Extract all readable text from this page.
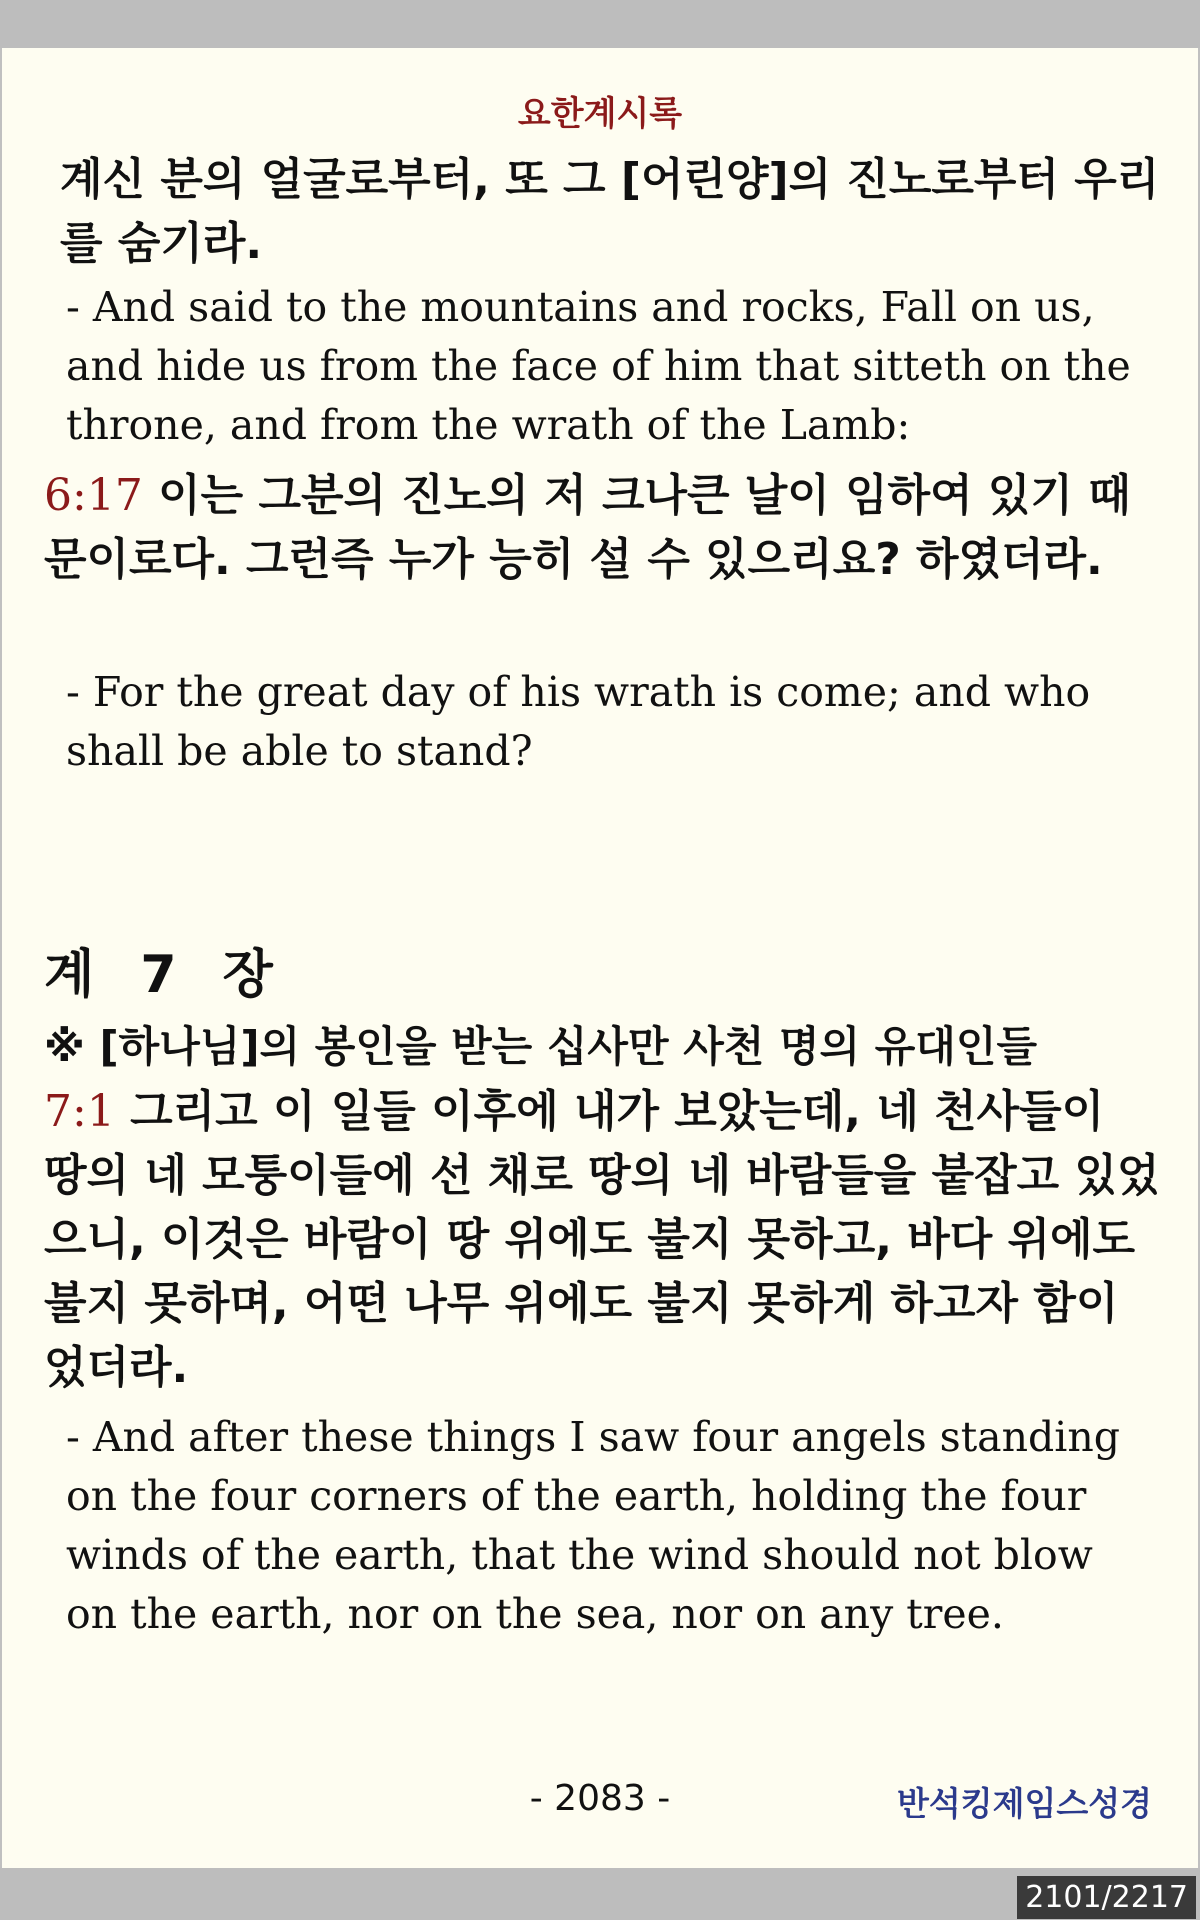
요한계시록

계신 분의 얼굴로부터, 또 그 [어린양]의 진노로부터 우리를 숨기라.

- And said to the mountains and rocks, Fall on us, and hide us from the face of him that sitteth on the throne, and from the wrath of the Lamb:

6:17 이는 그분의 진노의 저 크나큰 날이 임하여 있기 때문이로다. 그런즉 누가 능히 설 수 있으리요? 하였더라.

- For the great day of his wrath is come; and who shall be able to stand?

계 7 장
※ [하나님]의 봉인을 받는 십사만 사천 명의 유대인들

7:1 그리고 이 일들 이후에 내가 보았는데, 네 천사들이 땅의 네 모퉁이들에 선 채로 땅의 네 바람들을 붙잡고 있었으니, 이것은 바람이 땅 위에도 불지 못하고, 바다 위에도 불지 못하며, 어떤 나무 위에도 불지 못하게 하고자 함이었더라.

- And after these things I saw four angels standing on the four corners of the earth, holding the four winds of the earth, that the wind should not blow on the earth, nor on the sea, nor on any tree.

- 2083 -	반석킹제임스성경
2101/2217
